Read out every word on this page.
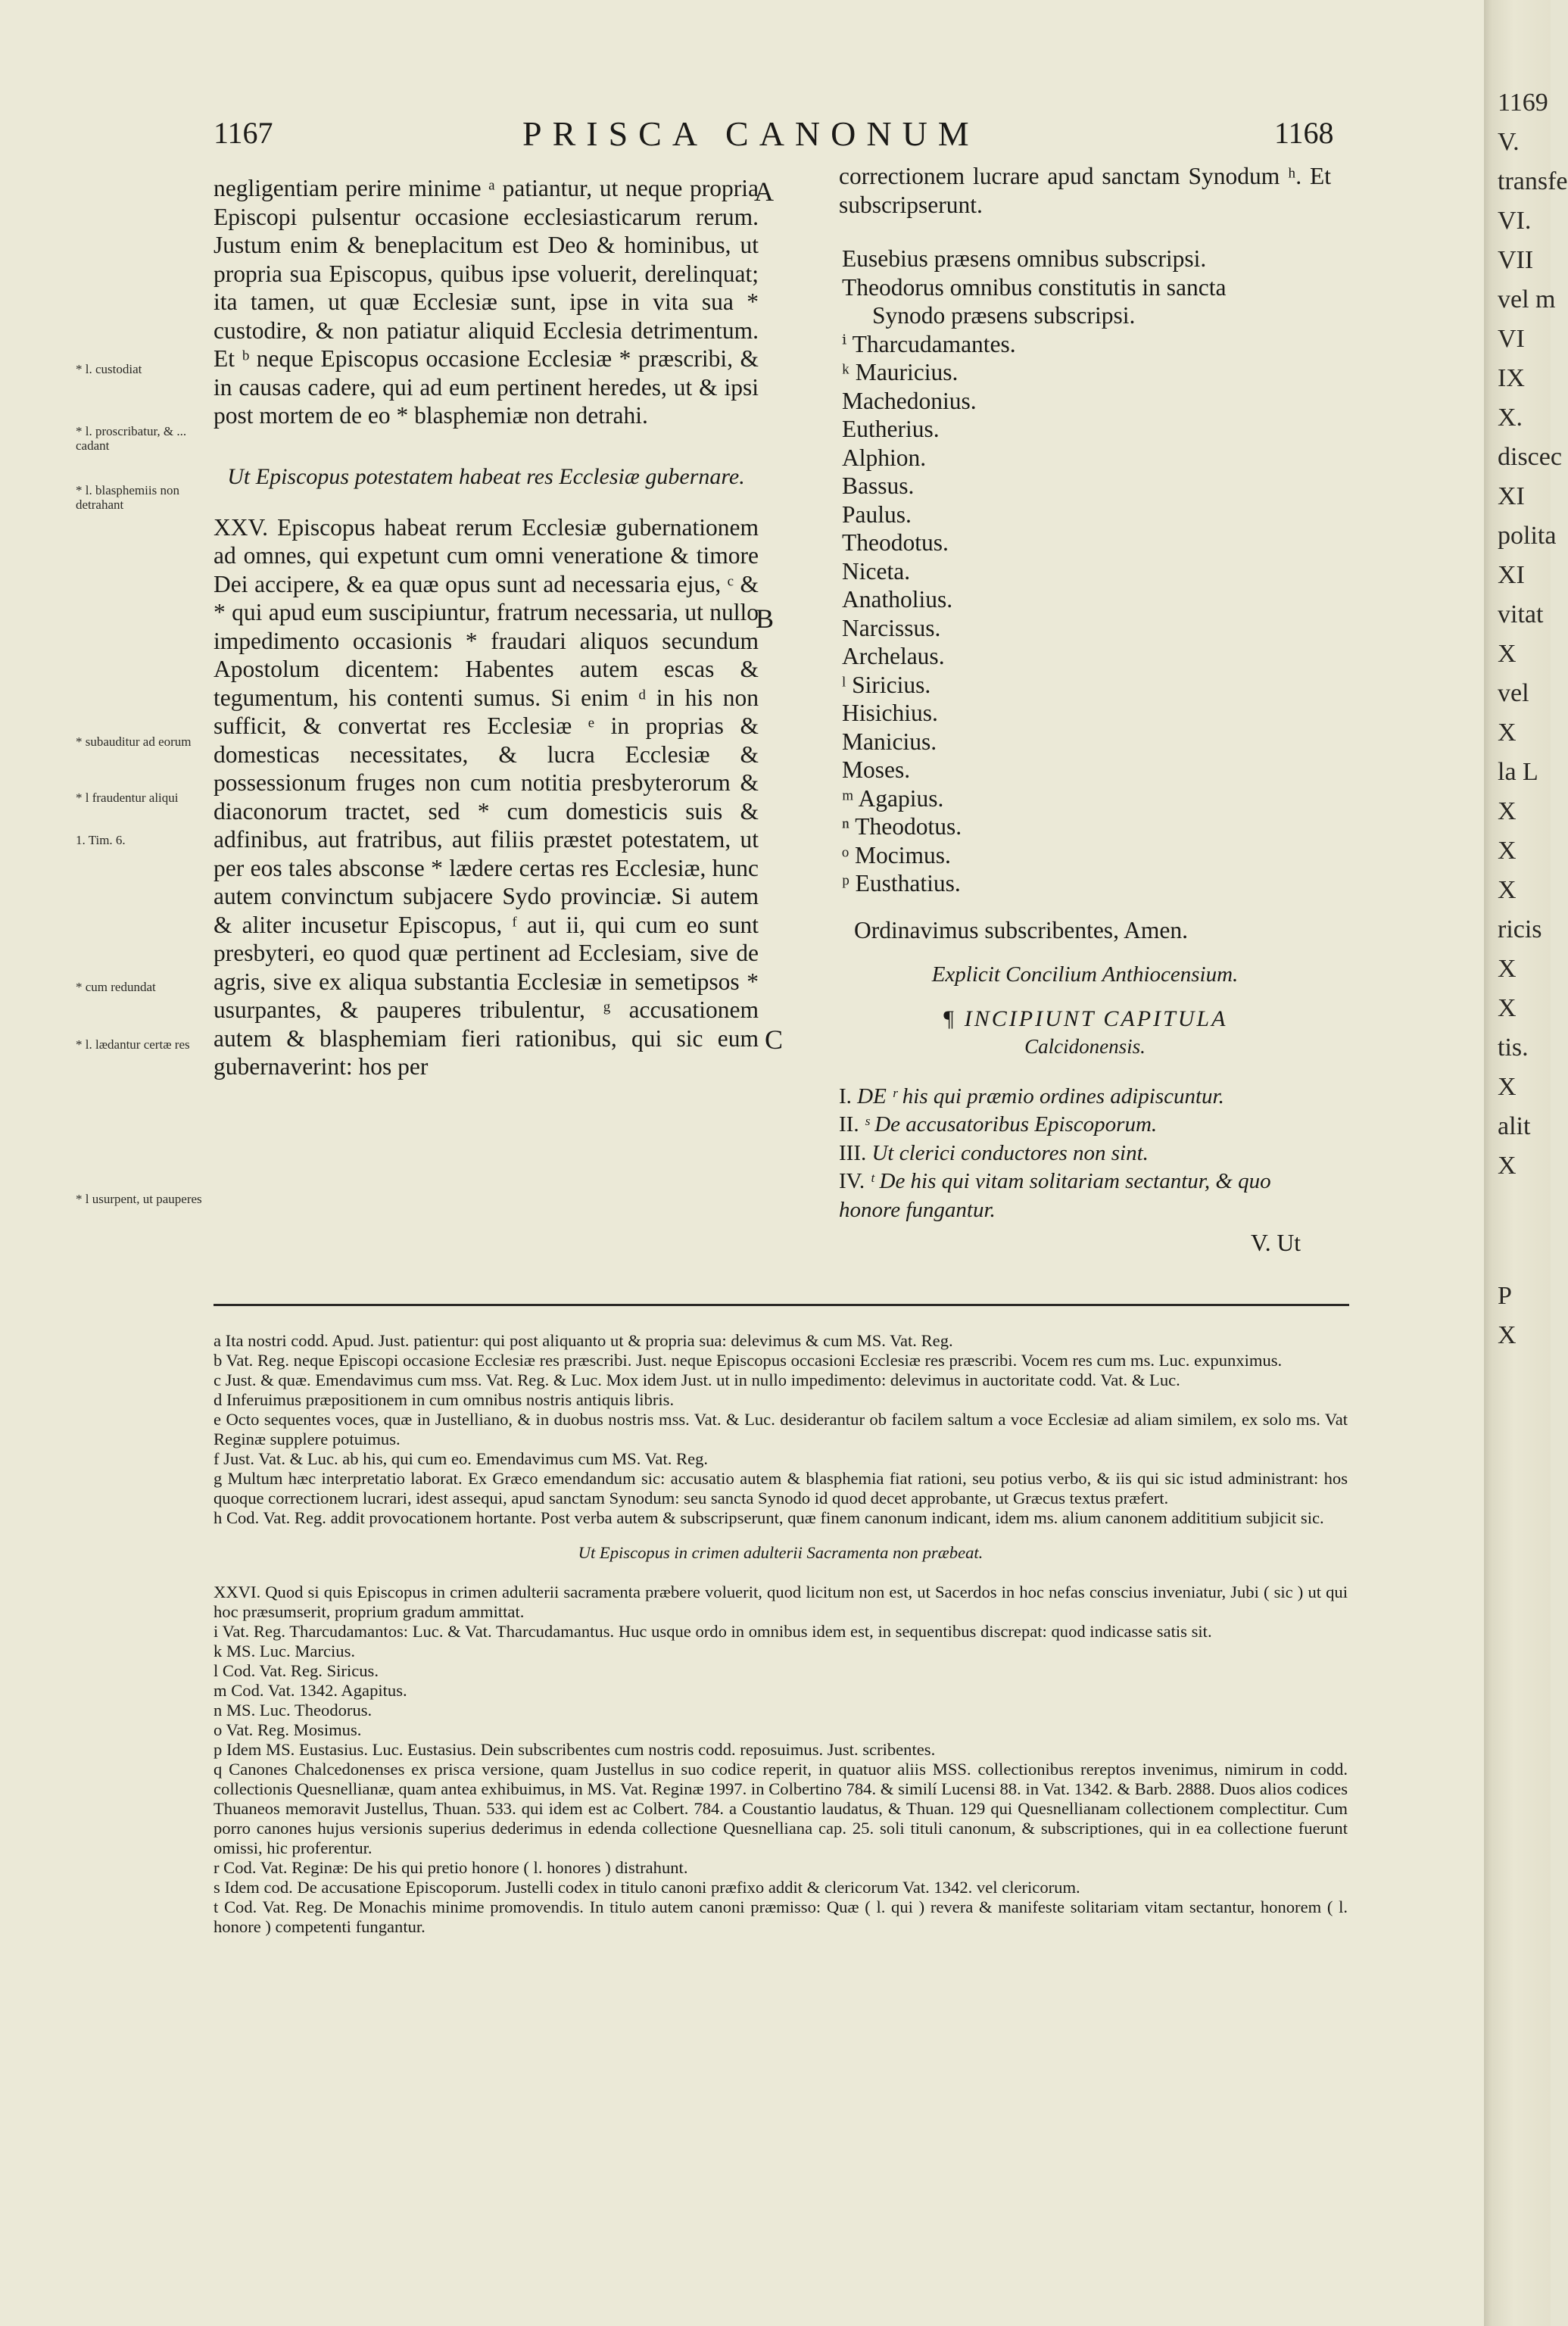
1167	PRISCA CANONUM	1168

negligentiam perire minime ᵃ patiantur, ut neque propria Episcopi pulsentur occasione ecclesiasticarum rerum. Justum enim & beneplacitum est Deo & hominibus, ut propria sua Episcopus, quibus ipse voluerit, derelinquat; ita tamen, ut quæ Ecclesiæ sunt, ipse in vita sua * custodire, & non patiatur aliquid Ecclesia detrimentum. Et ᵇ neque Episcopus occasione Ecclesiæ * præscribi, & in causas cadere, qui ad eum pertinent heredes, ut & ipsi post mortem de eo * blasphemiæ non detrahi.

Ut Episcopus potestatem habeat res Ecclesiæ gubernare.

XXV. Episcopus habeat rerum Ecclesiæ gubernationem ad omnes, qui expetunt cum omni veneratione & timore Dei accipere, & ea quæ opus sunt ad necessaria ejus, ᶜ & * qui apud eum suscipiuntur, fratrum necessaria, ut nullo impedimento occasionis * fraudari aliquos secundum Apostolum dicentem: Habentes autem escas & tegumentum, his contenti sumus. Si enim ᵈ in his non sufficit, & convertat res Ecclesiæ ᵉ in proprias & domesticas necessitates, & lucra Ecclesiæ & possessionum fruges non cum notitia presbyterorum & diaconorum tractet, sed * cum domesticis suis & adfinibus, aut fratribus, aut filiis præstet potestatem, ut per eos tales absconse * lædere certas res Ecclesiæ, hunc autem convinctum subjacere Sydo provinciæ. Si autem & aliter incusetur Episcopus, ᶠ aut ii, qui cum eo sunt presbyteri, eo quod quæ pertinent ad Ecclesiam, sive de agris, sive ex aliqua substantia Ecclesiæ in semetipsos * usurpantes, & pauperes tribulentur, ᵍ accusationem autem & blasphemiam fieri rationibus, qui sic eum gubernaverint: hos per

* l. custodiat
* l. proscribatur, & ... cadant
* l. blasphemiis non detrahant
* subauditur ad eorum
* l fraudentur aliqui
1. Tim. 6.
* cum redundat
* l. lædantur certæ res
* l usurpent, ut pauperes
A
B
C

correctionem lucrare apud sanctam Synodum ʰ. Et subscripserunt.

Eusebius præsens omnibus subscripsi.

Theodorus omnibus constitutis in sancta

Synodo præsens subscripsi.

ⁱ Tharcudamantes.

ᵏ Mauricius.

Machedonius.

Eutherius.

Alphion.

Bassus.

Paulus.

Theodotus.

Niceta.

Anatholius.

Narcissus.

Archelaus.

ˡ Siricius.

Hisichius.

Manicius.

Moses.

ᵐ Agapius.

ⁿ Theodotus.

ᵒ Mocimus.

ᵖ Eusthatius.

Ordinavimus subscribentes, Amen.

Explicit Concilium Anthiocensium.

¶ INCIPIUNT CAPITULA

Calcidonensis.

I. DE ʳ his qui præmio ordines adipiscuntur.

II. ˢ De accusatoribus Episcoporum.

III. Ut clerici conductores non sint.

IV. ᵗ De his qui vitam solitariam sectantur, & quo honore fungantur.

V. Ut

a Ita nostri codd. Apud. Just. patientur: qui post aliquanto ut & propria sua: delevimus & cum MS. Vat. Reg.

b Vat. Reg. neque Episcopi occasione Ecclesiæ res præscribi. Just. neque Episcopus occasioni Ecclesiæ res præscribi. Vocem res cum ms. Luc. expunximus.

c Just. & quæ. Emendavimus cum mss. Vat. Reg. & Luc. Mox idem Just. ut in nullo impedimento: delevimus in auctoritate codd. Vat. & Luc.

d Inferuimus præpositionem in cum omnibus nostris antiquis libris.

e Octo sequentes voces, quæ in Justelliano, & in duobus nostris mss. Vat. & Luc. desiderantur ob facilem saltum a voce Ecclesiæ ad aliam similem, ex solo ms. Vat Reginæ supplere potuimus.

f Just. Vat. & Luc. ab his, qui cum eo. Emendavimus cum MS. Vat. Reg.

g Multum hæc interpretatio laborat. Ex Græco emendandum sic: accusatio autem & blasphemia fiat rationi, seu potius verbo, & iis qui sic istud administrant: hos quoque correctionem lucrari, idest assequi, apud sanctam Synodum: seu sancta Synodo id quod decet approbante, ut Græcus textus præfert.

h Cod. Vat. Reg. addit provocationem hortante. Post verba autem & subscripserunt, quæ finem canonum indicant, idem ms. alium canonem addititium subjicit sic.

Ut Episcopus in crimen adulterii Sacramenta non præbeat.

XXVI. Quod si quis Episcopus in crimen adulterii sacramenta præbere voluerit, quod licitum non est, ut Sacerdos in hoc nefas conscius inveniatur, Jubi ( sic ) ut qui hoc præsumserit, proprium gradum ammittat.

i Vat. Reg. Tharcudamantos: Luc. & Vat. Tharcudamantus. Huc usque ordo in omnibus idem est, in sequentibus discrepat: quod indicasse satis sit.

k MS. Luc. Marcius.

l Cod. Vat. Reg. Siricus.

m Cod. Vat. 1342. Agapitus.

n MS. Luc. Theodorus.

o Vat. Reg. Mosimus.

p Idem MS. Eustasius. Luc. Eustasius. Dein subscribentes cum nostris codd. reposuimus. Just. scribentes.

q Canones Chalcedonenses ex prisca versione, quam Justellus in suo codice reperit, in quatuor aliis MSS. collectionibus rereptos invenimus, nimirum in codd. collectionis Quesnellianæ, quam antea exhibuimus, in MS. Vat. Reginæ 1997. in Colbertino 784. & similí Lucensi 88. in Vat. 1342. & Barb. 2888. Duos alios codices Thuaneos memoravit Justellus, Thuan. 533. qui idem est ac Colbert. 784. a Coustantio laudatus, & Thuan. 129 qui Quesnellianam collectionem complectitur. Cum porro canones hujus versionis superius dederimus in edenda collectione Quesnelliana cap. 25. soli tituli canonum, & subscriptiones, qui in ea collectione fuerunt omissi, hic proferentur.

r Cod. Vat. Reginæ: De his qui pretio honore ( l. honores ) distrahunt.

s Idem cod. De accusatione Episcoporum. Justelli codex in titulo canoni præfixo addit & clericorum Vat. 1342. vel clericorum.

t Cod. Vat. Reg. De Monachis minime promovendis. In titulo autem canoni præmisso: Quæ ( l. qui ) revera & manifeste solitariam vitam sectantur, honorem ( l. honore ) competenti fungantur.

1169
V.
transfe
VI.
VII
vel m
VI
IX
X.
discec
XI
polita
XI
vitat
X
vel
X
la L
X
X
X
ricis
X
X
tis.
X
alit
X
P
X
